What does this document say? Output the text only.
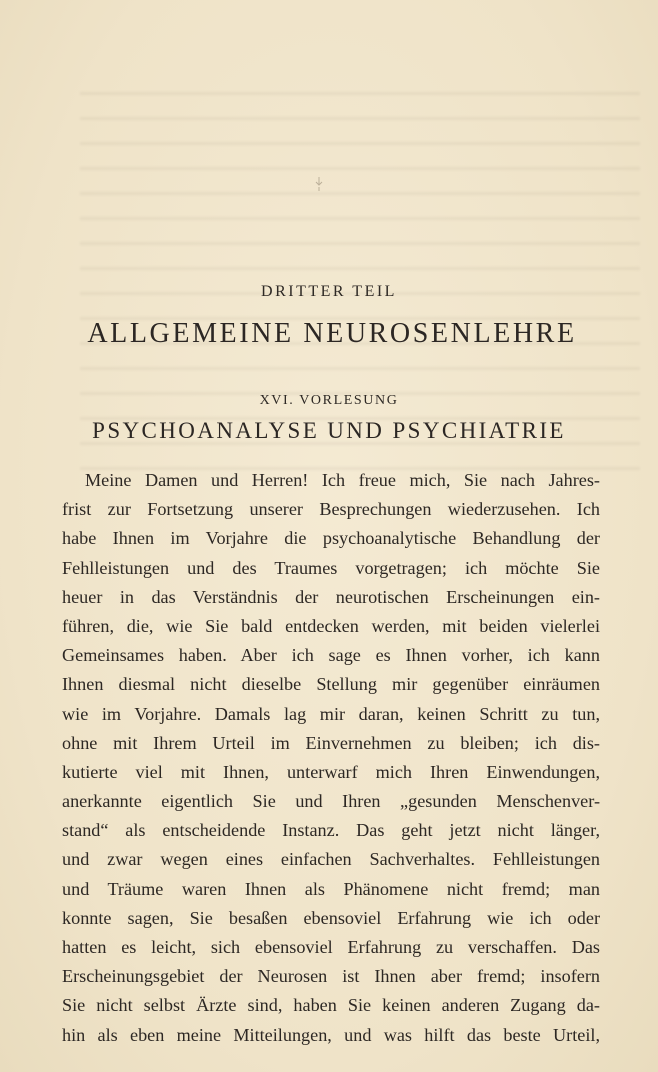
DRITTER TEIL
ALLGEMEINE NEUROSENLEHRE
XVI. VORLESUNG
PSYCHOANALYSE UND PSYCHIATRIE
Meine Damen und Herren! Ich freue mich, Sie nach Jahres-
frist zur Fortsetzung unserer Besprechungen wiederzusehen. Ich
habe Ihnen im Vorjahre die psychoanalytische Behandlung der
Fehlleistungen und des Traumes vorgetragen; ich möchte Sie
heuer in das Verständnis der neurotischen Erscheinungen ein-
führen, die, wie Sie bald entdecken werden, mit beiden vielerlei
Gemeinsames haben. Aber ich sage es Ihnen vorher, ich kann
Ihnen diesmal nicht dieselbe Stellung mir gegenüber einräumen
wie im Vorjahre. Damals lag mir daran, keinen Schritt zu tun,
ohne mit Ihrem Urteil im Einvernehmen zu bleiben; ich dis-
kutierte viel mit Ihnen, unterwarf mich Ihren Einwendungen,
anerkannte eigentlich Sie und Ihren „gesunden Menschenver-
stand“ als entscheidende Instanz. Das geht jetzt nicht länger,
und zwar wegen eines einfachen Sachverhaltes. Fehlleistungen
und Träume waren Ihnen als Phänomene nicht fremd; man
konnte sagen, Sie besaßen ebensoviel Erfahrung wie ich oder
hatten es leicht, sich ebensoviel Erfahrung zu verschaffen. Das
Erscheinungsgebiet der Neurosen ist Ihnen aber fremd; insofern
Sie nicht selbst Ärzte sind, haben Sie keinen anderen Zugang da-
hin als eben meine Mitteilungen, und was hilft das beste Urteil,
